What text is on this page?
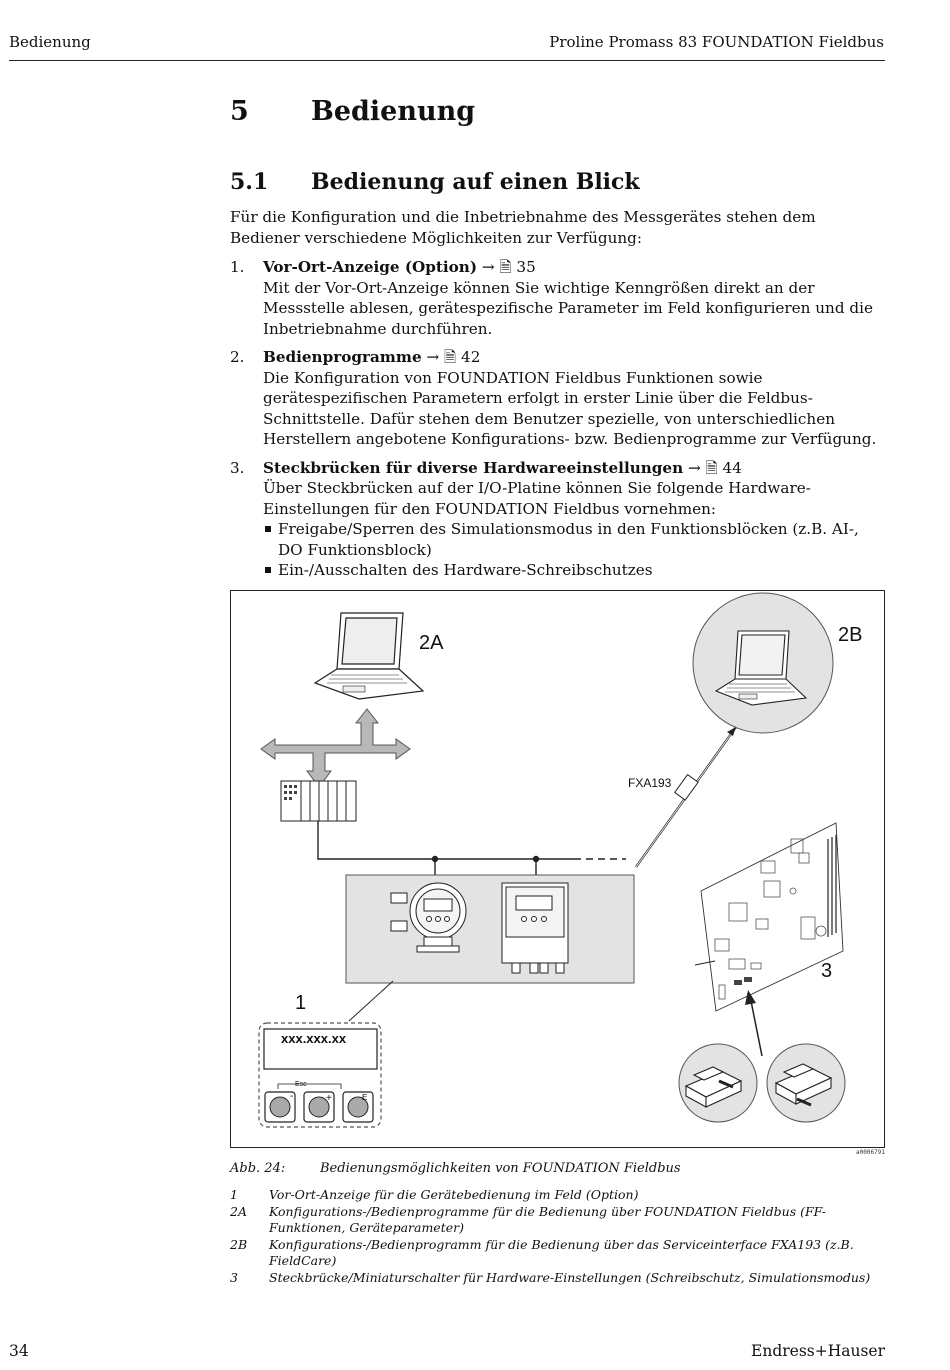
Bedienung	Proline Promass 83 FOUNDATION Fieldbus
5 Bedienung
5.1 Bedienung auf einen Blick
Für die Konfiguration und die Inbetriebnahme des Messgerätes stehen dem Bediener verschiedene Möglichkeiten zur Verfügung:
1. Vor-Ort-Anzeige (Option) → 🗎 35
Mit der Vor-Ort-Anzeige können Sie wichtige Kenngrößen direkt an der Messstelle ablesen, gerätespezifische Parameter im Feld konfigurieren und die Inbetriebnahme durchführen.
2. Bedienprogramme → 🗎 42
Die Konfiguration von FOUNDATION Fieldbus Funktionen sowie gerätespezifischen Parametern erfolgt in erster Linie über die Feldbus-Schnittstelle. Dafür stehen dem Benutzer spezielle, von unterschiedlichen Herstellern angebotene Konfigurations- bzw. Bedienprogramme zur Verfügung.
3. Steckbrücken für diverse Hardwareeinstellungen → 🗎 44
Über Steckbrücken auf der I/O-Platine können Sie folgende Hardware-Einstellungen für den FOUNDATION Fieldbus vornehmen:
Freigabe/Sperren des Simulationsmodus in den Funktionsblöcken (z.B. AI-, DO Funktionsblock)
Ein-/Ausschalten des Hardware-Schreibschutzes
2A
1
xxx.xxx.xx
Esc
-	+	E
2B
FXA193
3
a0006791
Abb. 24:	Bedienungsmöglichkeiten von FOUNDATION Fieldbus
1 Vor-Ort-Anzeige für die Gerätebedienung im Feld (Option)
2A Konfigurations-/Bedienprogramme für die Bedienung über FOUNDATION Fieldbus (FF-Funktionen, Geräteparameter)
2B Konfigurations-/Bedienprogramm für die Bedienung über das Serviceinterface FXA193 (z.B. FieldCare)
3 Steckbrücke/Miniaturschalter für Hardware-Einstellungen (Schreibschutz, Simulationsmodus)
34	Endress+Hauser
